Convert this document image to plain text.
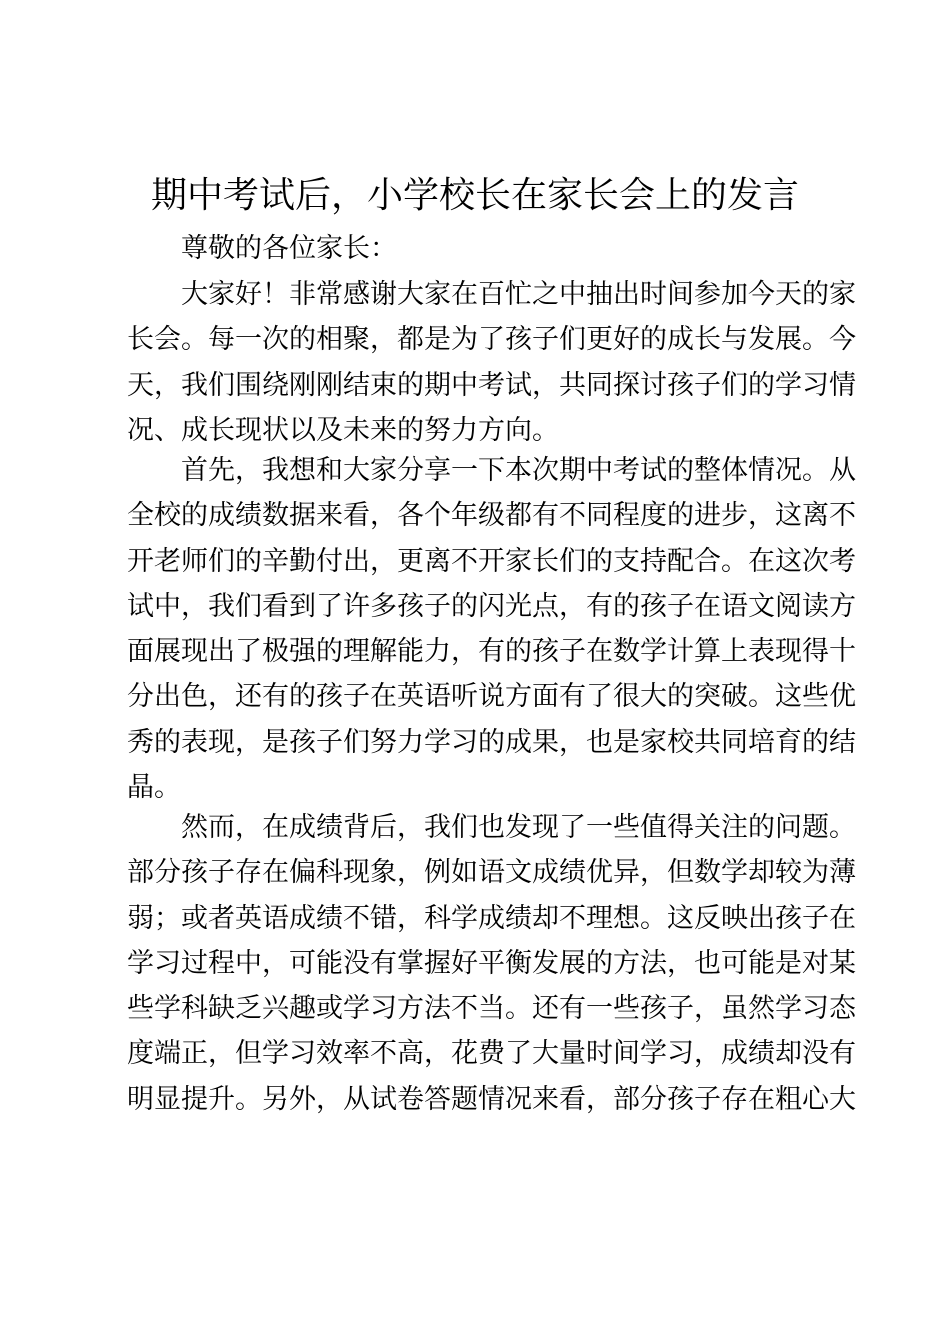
期中考试后，小学校长在家长会上的发言

尊敬的各位家长：

大家好！非常感谢大家在百忙之中抽出时间参加今天的家
长会。每一次的相聚，都是为了孩子们更好的成长与发展。今
天，我们围绕刚刚结束的期中考试，共同探讨孩子们的学习情
况、成长现状以及未来的努力方向。
首先，我想和大家分享一下本次期中考试的整体情况。从
全校的成绩数据来看，各个年级都有不同程度的进步，这离不
开老师们的辛勤付出，更离不开家长们的支持配合。在这次考
试中，我们看到了许多孩子的闪光点，有的孩子在语文阅读方
面展现出了极强的理解能力，有的孩子在数学计算上表现得十
分出色，还有的孩子在英语听说方面有了很大的突破。这些优
秀的表现，是孩子们努力学习的成果，也是家校共同培育的结
晶。
然而，在成绩背后，我们也发现了一些值得关注的问题。
部分孩子存在偏科现象，例如语文成绩优异，但数学却较为薄
弱；或者英语成绩不错，科学成绩却不理想。这反映出孩子在
学习过程中，可能没有掌握好平衡发展的方法，也可能是对某
些学科缺乏兴趣或学习方法不当。还有一些孩子，虽然学习态
度端正，但学习效率不高，花费了大量时间学习，成绩却没有
明显提升。另外，从试卷答题情况来看，部分孩子存在粗心大
